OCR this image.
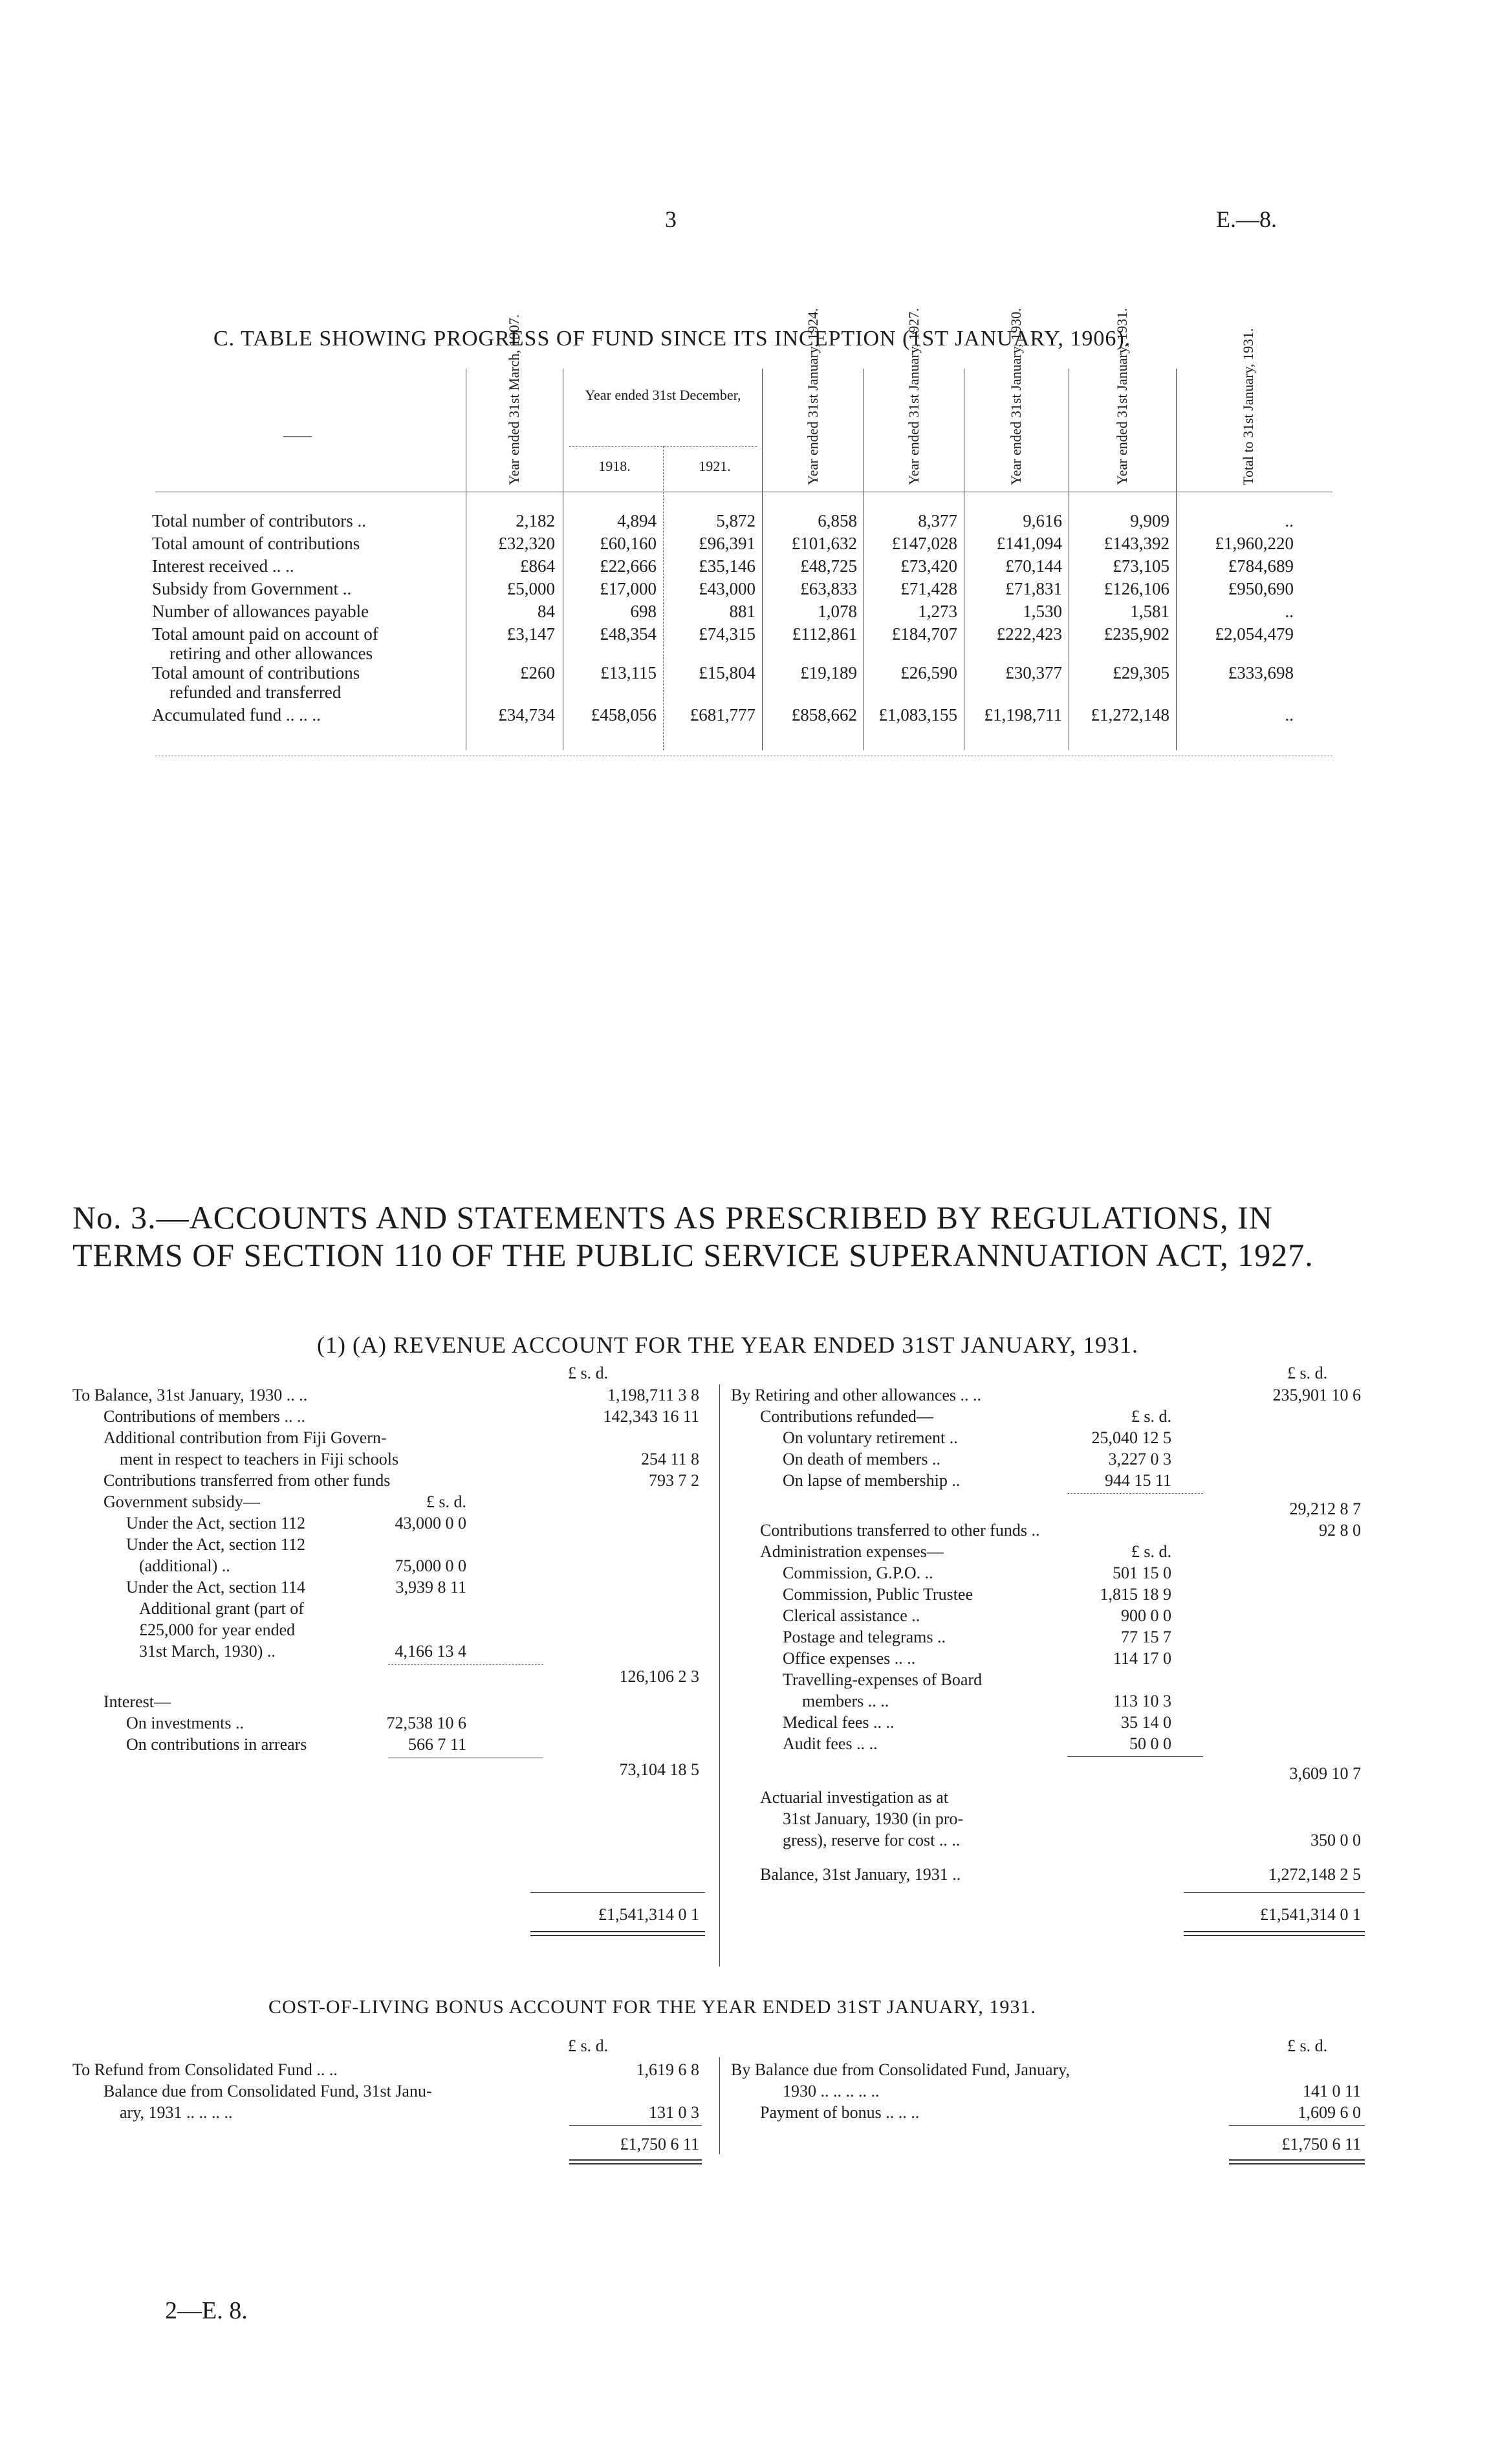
3	E.—8.
C. TABLE SHOWING PROGRESS OF FUND SINCE ITS INCEPTION (1ST JANUARY, 1906).
——	Year ended 31st March, 1907.	Year ended 31st December,
1918.	1921.	Year ended 31st January, 1924.	Year ended 31st January, 1927.	Year ended 31st January, 1930.	Year ended 31st January, 1931.	Total to 31st January, 1931.
Total number of contributors ..	2,182	4,894	5,872	6,858	8,377	9,616	9,909	..
Total amount of contributions	£32,320	£60,160	£96,391	£101,632	£147,028	£141,094	£143,392	£1,960,220
Interest received .. ..	£864	£22,666	£35,146	£48,725	£73,420	£70,144	£73,105	£784,689
Subsidy from Government ..	£5,000	£17,000	£43,000	£63,833	£71,428	£71,831	£126,106	£950,690
Number of allowances payable	84	698	881	1,078	1,273	1,530	1,581	..
Total amount paid on account of
retiring and other allowances
£3,147	£48,354	£74,315	£112,861	£184,707	£222,423	£235,902	£2,054,479
Total amount of contributions
refunded and transferred
£260	£13,115	£15,804	£19,189	£26,590	£30,377	£29,305	£333,698
Accumulated fund .. .. ..	£34,734	£458,056	£681,777	£858,662	£1,083,155	£1,198,711	£1,272,148	..
No. 3.—ACCOUNTS AND STATEMENTS AS PRESCRIBED BY REGULATIONS, IN TERMS OF SECTION 110 OF THE PUBLIC SERVICE SUPERANNUATION ACT, 1927.
(1) (A) REVENUE ACCOUNT FOR THE YEAR ENDED 31ST JANUARY, 1931.
£ s. d.	£ s. d.
To Balance, 31st January, 1930 .. ..	1,198,711 3 8
Contributions of members .. ..	142,343 16 11
Additional contribution from Fiji Govern-
ment in respect to teachers in Fiji schools	254 11 8
Contributions transferred from other funds	793 7 2
Government subsidy—	£ s. d.
Under the Act, section 112	43,000 0 0
Under the Act, section 112
(additional) ..	75,000 0 0
Under the Act, section 114	3,939 8 11
Additional grant (part of
£25,000 for year ended
31st March, 1930) ..	4,166 13 4
126,106 2 3
Interest—
On investments ..	72,538 10 6
On contributions in arrears	566 7 11
73,104 18 5
£1,541,314 0 1
By Retiring and other allowances .. ..	235,901 10 6
Contributions refunded—	£ s. d.
On voluntary retirement ..	25,040 12 5
On death of members ..	3,227 0 3
On lapse of membership ..	944 15 11
29,212 8 7
Contributions transferred to other funds ..	92 8 0
Administration expenses—	£ s. d.
Commission, G.P.O. ..	501 15 0
Commission, Public Trustee	1,815 18 9
Clerical assistance ..	900 0 0
Postage and telegrams ..	77 15 7
Office expenses .. ..	114 17 0
Travelling-expenses of Board
members .. ..	113 10 3
Medical fees .. ..	35 14 0
Audit fees .. ..	50 0 0
3,609 10 7
Actuarial investigation as at
31st January, 1930 (in pro-
gress), reserve for cost .. ..	350 0 0
Balance, 31st January, 1931 ..	1,272,148 2 5
£1,541,314 0 1
COST-OF-LIVING BONUS ACCOUNT FOR THE YEAR ENDED 31ST JANUARY, 1931.
£ s. d.	£ s. d.
To Refund from Consolidated Fund .. ..	1,619 6 8
Balance due from Consolidated Fund, 31st Janu-
ary, 1931 .. .. .. ..	131 0 3
£1,750 6 11
By Balance due from Consolidated Fund, January,
1930 .. .. .. .. ..	141 0 11
Payment of bonus .. .. ..	1,609 6 0
£1,750 6 11
2—E. 8.
